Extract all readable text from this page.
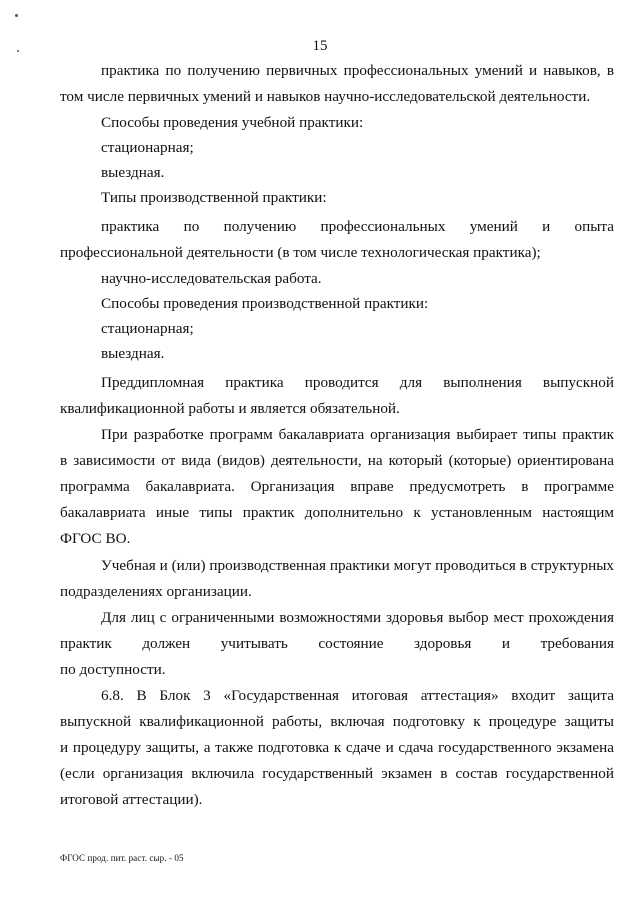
15
практика по получению первичных профессиональных умений и навыков, в
том числе первичных умений и навыков научно-исследовательской деятельности.
Способы проведения учебной практики:
стационарная;
выездная.
Типы производственной практики:
практика по получению профессиональных умений и опыта
профессиональной деятельности (в том числе технологическая практика);
научно-исследовательская работа.
Способы проведения производственной практики:
стационарная;
выездная.
Преддипломная практика проводится для выполнения выпускной
квалификационной работы и является обязательной.
При разработке программ бакалавриата организация выбирает типы практик
в зависимости от вида (видов) деятельности, на который (которые) ориентирована
программа бакалавриата. Организация вправе предусмотреть в программе
бакалавриата иные типы практик дополнительно к установленным настоящим
ФГОС ВО.
Учебная и (или) производственная практики могут проводиться в структурных
подразделениях организации.
Для лиц с ограниченными возможностями здоровья выбор мест прохождения
практик должен учитывать состояние здоровья и требования
по доступности.
6.8. В Блок 3 «Государственная итоговая аттестация» входит защита
выпускной квалификационной работы, включая подготовку к процедуре защиты
и процедуру защиты, а также подготовка к сдаче и сдача государственного экзамена
(если организация включила государственный экзамен в состав государственной
итоговой аттестации).
ФГОС прод. пит. раст. сыр. - 05
